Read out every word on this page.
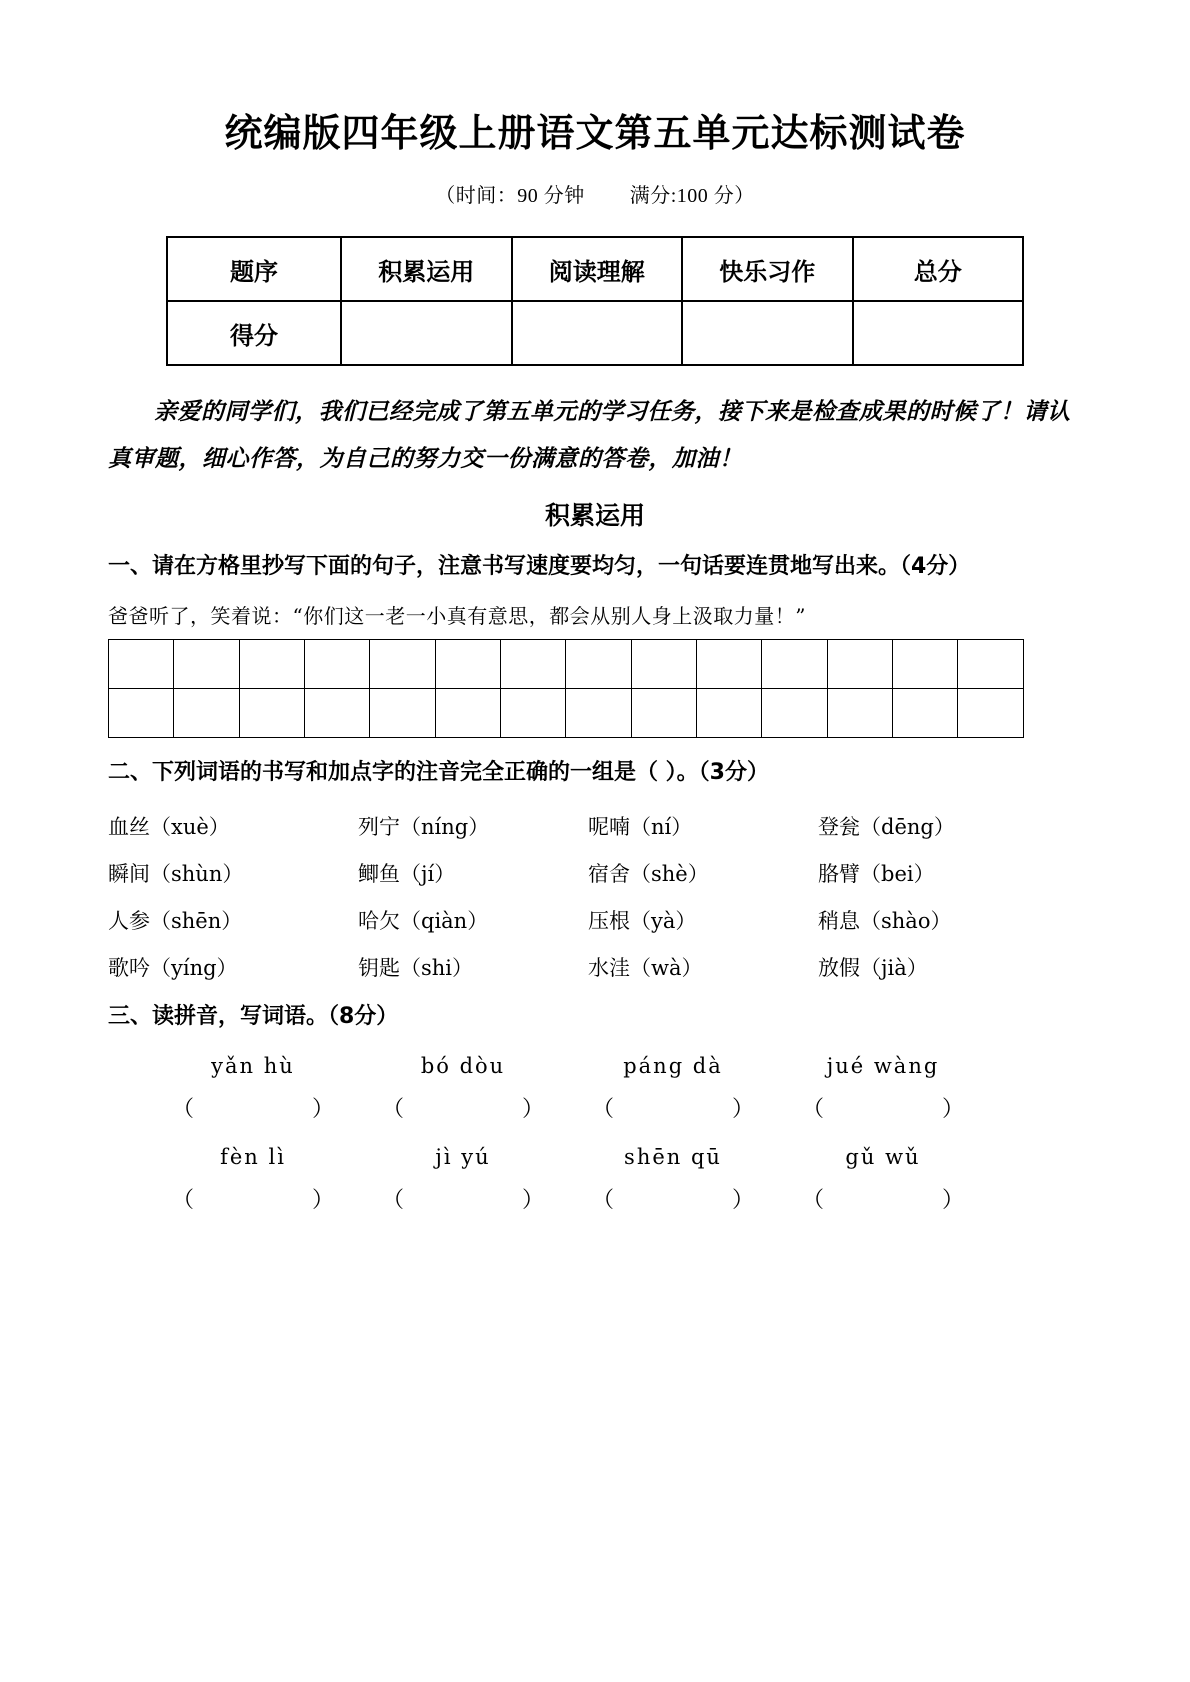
统编版四年级上册语文第五单元达标测试卷
（时间：90 分钟 满分:100 分）
题序	积累运用	阅读理解	快乐习作	总分
得分				
亲爱的同学们，我们已经完成了第五单元的学习任务，接下来是检查成果的时候了！请认真审题，细心作答，为自己的努力交一份满意的答卷，加油！
积累运用
一、请在方格里抄写下面的句子，注意书写速度要均匀，一句话要连贯地写出来。（4分）
爸爸听了，笑着说：“你们这一老一小真有意思，都会从别人身上汲取力量！”

二、下列词语的书写和加点字的注音完全正确的一组是（ ）。（3分）
血丝（xuè）	列宁（níng）	呢喃（ní）	登瓮（dēng）
瞬间（shùn）	鲫鱼（jí）	宿舍（shè）	胳臂（bei）
人参（shēn）	哈欠（qiàn）	压根（yà）	稍息（shào）
歌吟（yíng）	钥匙（shi）	水洼（wà）	放假（jià）
三、读拼音，写词语。（8分）
yǎn hù	bó dòu	páng dà	jué wàng
（	）	（	）	（	）	（	）
fèn lì	jì yú	shēn qū	gǔ wǔ
（	）	（	）	（	）	（	）
